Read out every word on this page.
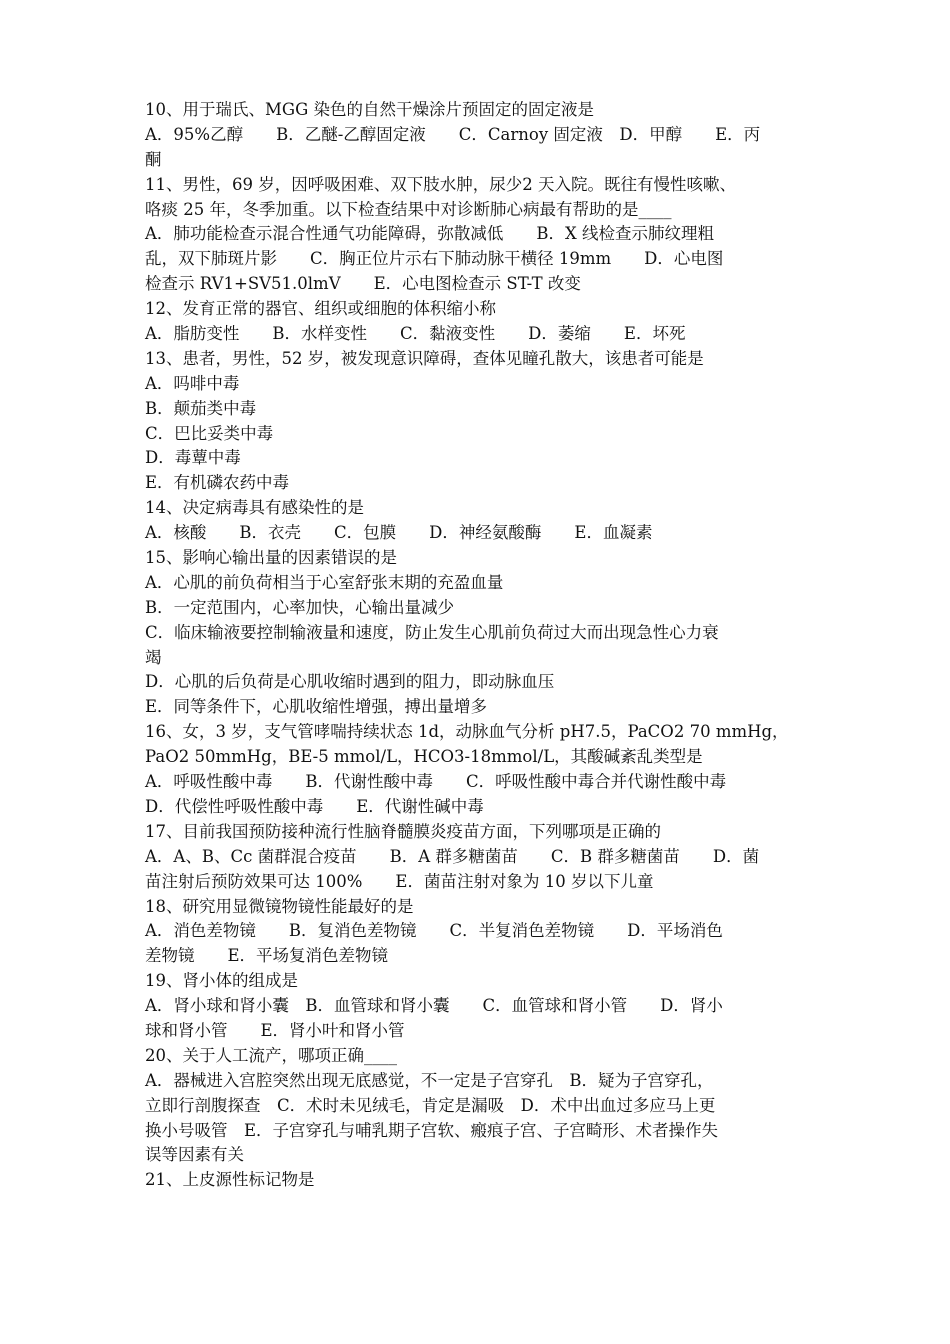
10、用于瑞氏、MGG 染色的自然干燥涂片预固定的固定液是
A．95%乙醇　　B．乙醚-乙醇固定液　　C．Carnoy 固定液　D．甲醇　　E．丙
酮
11、男性，69 岁，因呼吸困难、双下肢水肿，尿少2 天入院。既往有慢性咳嗽、
咯痰 25 年，冬季加重。以下检查结果中对诊断肺心病最有帮助的是____
A．肺功能检查示混合性通气功能障碍，弥散减低　　B．X 线检查示肺纹理粗
乱，双下肺斑片影　　C．胸正位片示右下肺动脉干横径 19mm　　D．心电图
检查示 RV1+SV51.0lmV　　E．心电图检查示 ST-T 改变
12、发育正常的器官、组织或细胞的体积缩小称
A．脂肪变性　　B．水样变性　　C．黏液变性　　D．萎缩　　E．坏死
13、患者，男性，52 岁，被发现意识障碍，查体见瞳孔散大，该患者可能是
A．吗啡中毒
B．颠茄类中毒
C．巴比妥类中毒
D．毒蕈中毒
E．有机磷农药中毒
14、决定病毒具有感染性的是
A．核酸　　B．衣壳　　C．包膜　　D．神经氨酸酶　　E．血凝素
15、影响心输出量的因素错误的是
A．心肌的前负荷相当于心室舒张末期的充盈血量
B．一定范围内，心率加快，心输出量减少
C．临床输液要控制输液量和速度，防止发生心肌前负荷过大而出现急性心力衰
竭
D．心肌的后负荷是心肌收缩时遇到的阻力，即动脉血压
E．同等条件下，心肌收缩性增强，搏出量增多
16、女，3 岁，支气管哮喘持续状态 1d，动脉血气分析 pH7.5，PaCO2 70 mmHg，
PaO2 50mmHg，BE-5 mmol/L，HCO3-18mmol/L，其酸碱紊乱类型是
A．呼吸性酸中毒　　B．代谢性酸中毒　　C．呼吸性酸中毒合并代谢性酸中毒
D．代偿性呼吸性酸中毒　　E．代谢性碱中毒
17、目前我国预防接种流行性脑脊髓膜炎疫苗方面，下列哪项是正确的
A．A、B、Cc 菌群混合疫苗　　B．A 群多糖菌苗　　C．B 群多糖菌苗　　D．菌
苗注射后预防效果可达 100%　　E．菌苗注射对象为 10 岁以下儿童
18、研究用显微镜物镜性能最好的是
A．消色差物镜　　B．复消色差物镜　　C．半复消色差物镜　　D．平场消色
差物镜　　E．平场复消色差物镜
19、肾小体的组成是
A．肾小球和肾小囊　B．血管球和肾小囊　　C．血管球和肾小管　　D．肾小
球和肾小管　　E．肾小叶和肾小管
20、关于人工流产，哪项正确____
A．器械进入宫腔突然出现无底感觉，不一定是子宫穿孔　B．疑为子宫穿孔，
立即行剖腹探查　C．术时未见绒毛，肯定是漏吸　D．术中出血过多应马上更
换小号吸管　E．子宫穿孔与哺乳期子宫软、瘢痕子宫、子宫畸形、术者操作失
误等因素有关
21、上皮源性标记物是
